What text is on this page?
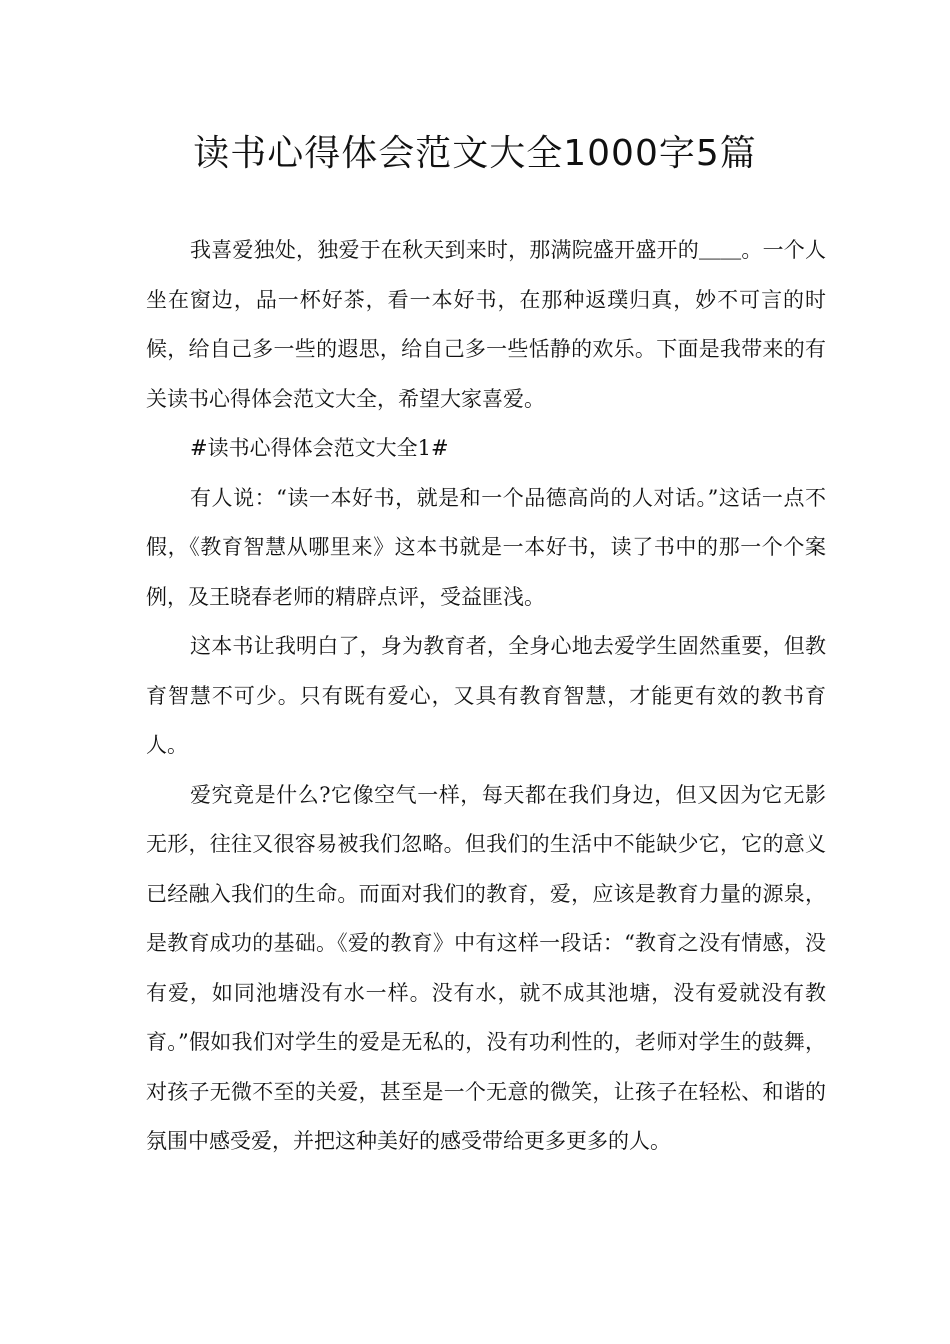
读书心得体会范文大全1000字5篇

我喜爱独处，独爱于在秋天到来时，那满院盛开盛开的＿＿。一个人坐在窗边，品一杯好茶，看一本好书，在那种返璞归真，妙不可言的时候，给自己多一些的遐思，给自己多一些恬静的欢乐。下面是我带来的有关读书心得体会范文大全，希望大家喜爱。

#读书心得体会范文大全1#

有人说：“读一本好书，就是和一个品德高尚的人对话。”这话一点不假，《教育智慧从哪里来》这本书就是一本好书，读了书中的那一个个案例，及王晓春老师的精辟点评，受益匪浅。

这本书让我明白了，身为教育者，全身心地去爱学生固然重要，但教育智慧不可少。只有既有爱心，又具有教育智慧，才能更有效的教书育人。

爱究竟是什么?它像空气一样，每天都在我们身边，但又因为它无影无形，往往又很容易被我们忽略。但我们的生活中不能缺少它，它的意义已经融入我们的生命。而面对我们的教育，爱，应该是教育力量的源泉，是教育成功的基础。《爱的教育》中有这样一段话：“教育之没有情感，没有爱，如同池塘没有水一样。没有水，就不成其池塘，没有爱就没有教育。”假如我们对学生的爱是无私的，没有功利性的，老师对学生的鼓舞，对孩子无微不至的关爱，甚至是一个无意的微笑，让孩子在轻松、和谐的氛围中感受爱，并把这种美好的感受带给更多更多的人。
